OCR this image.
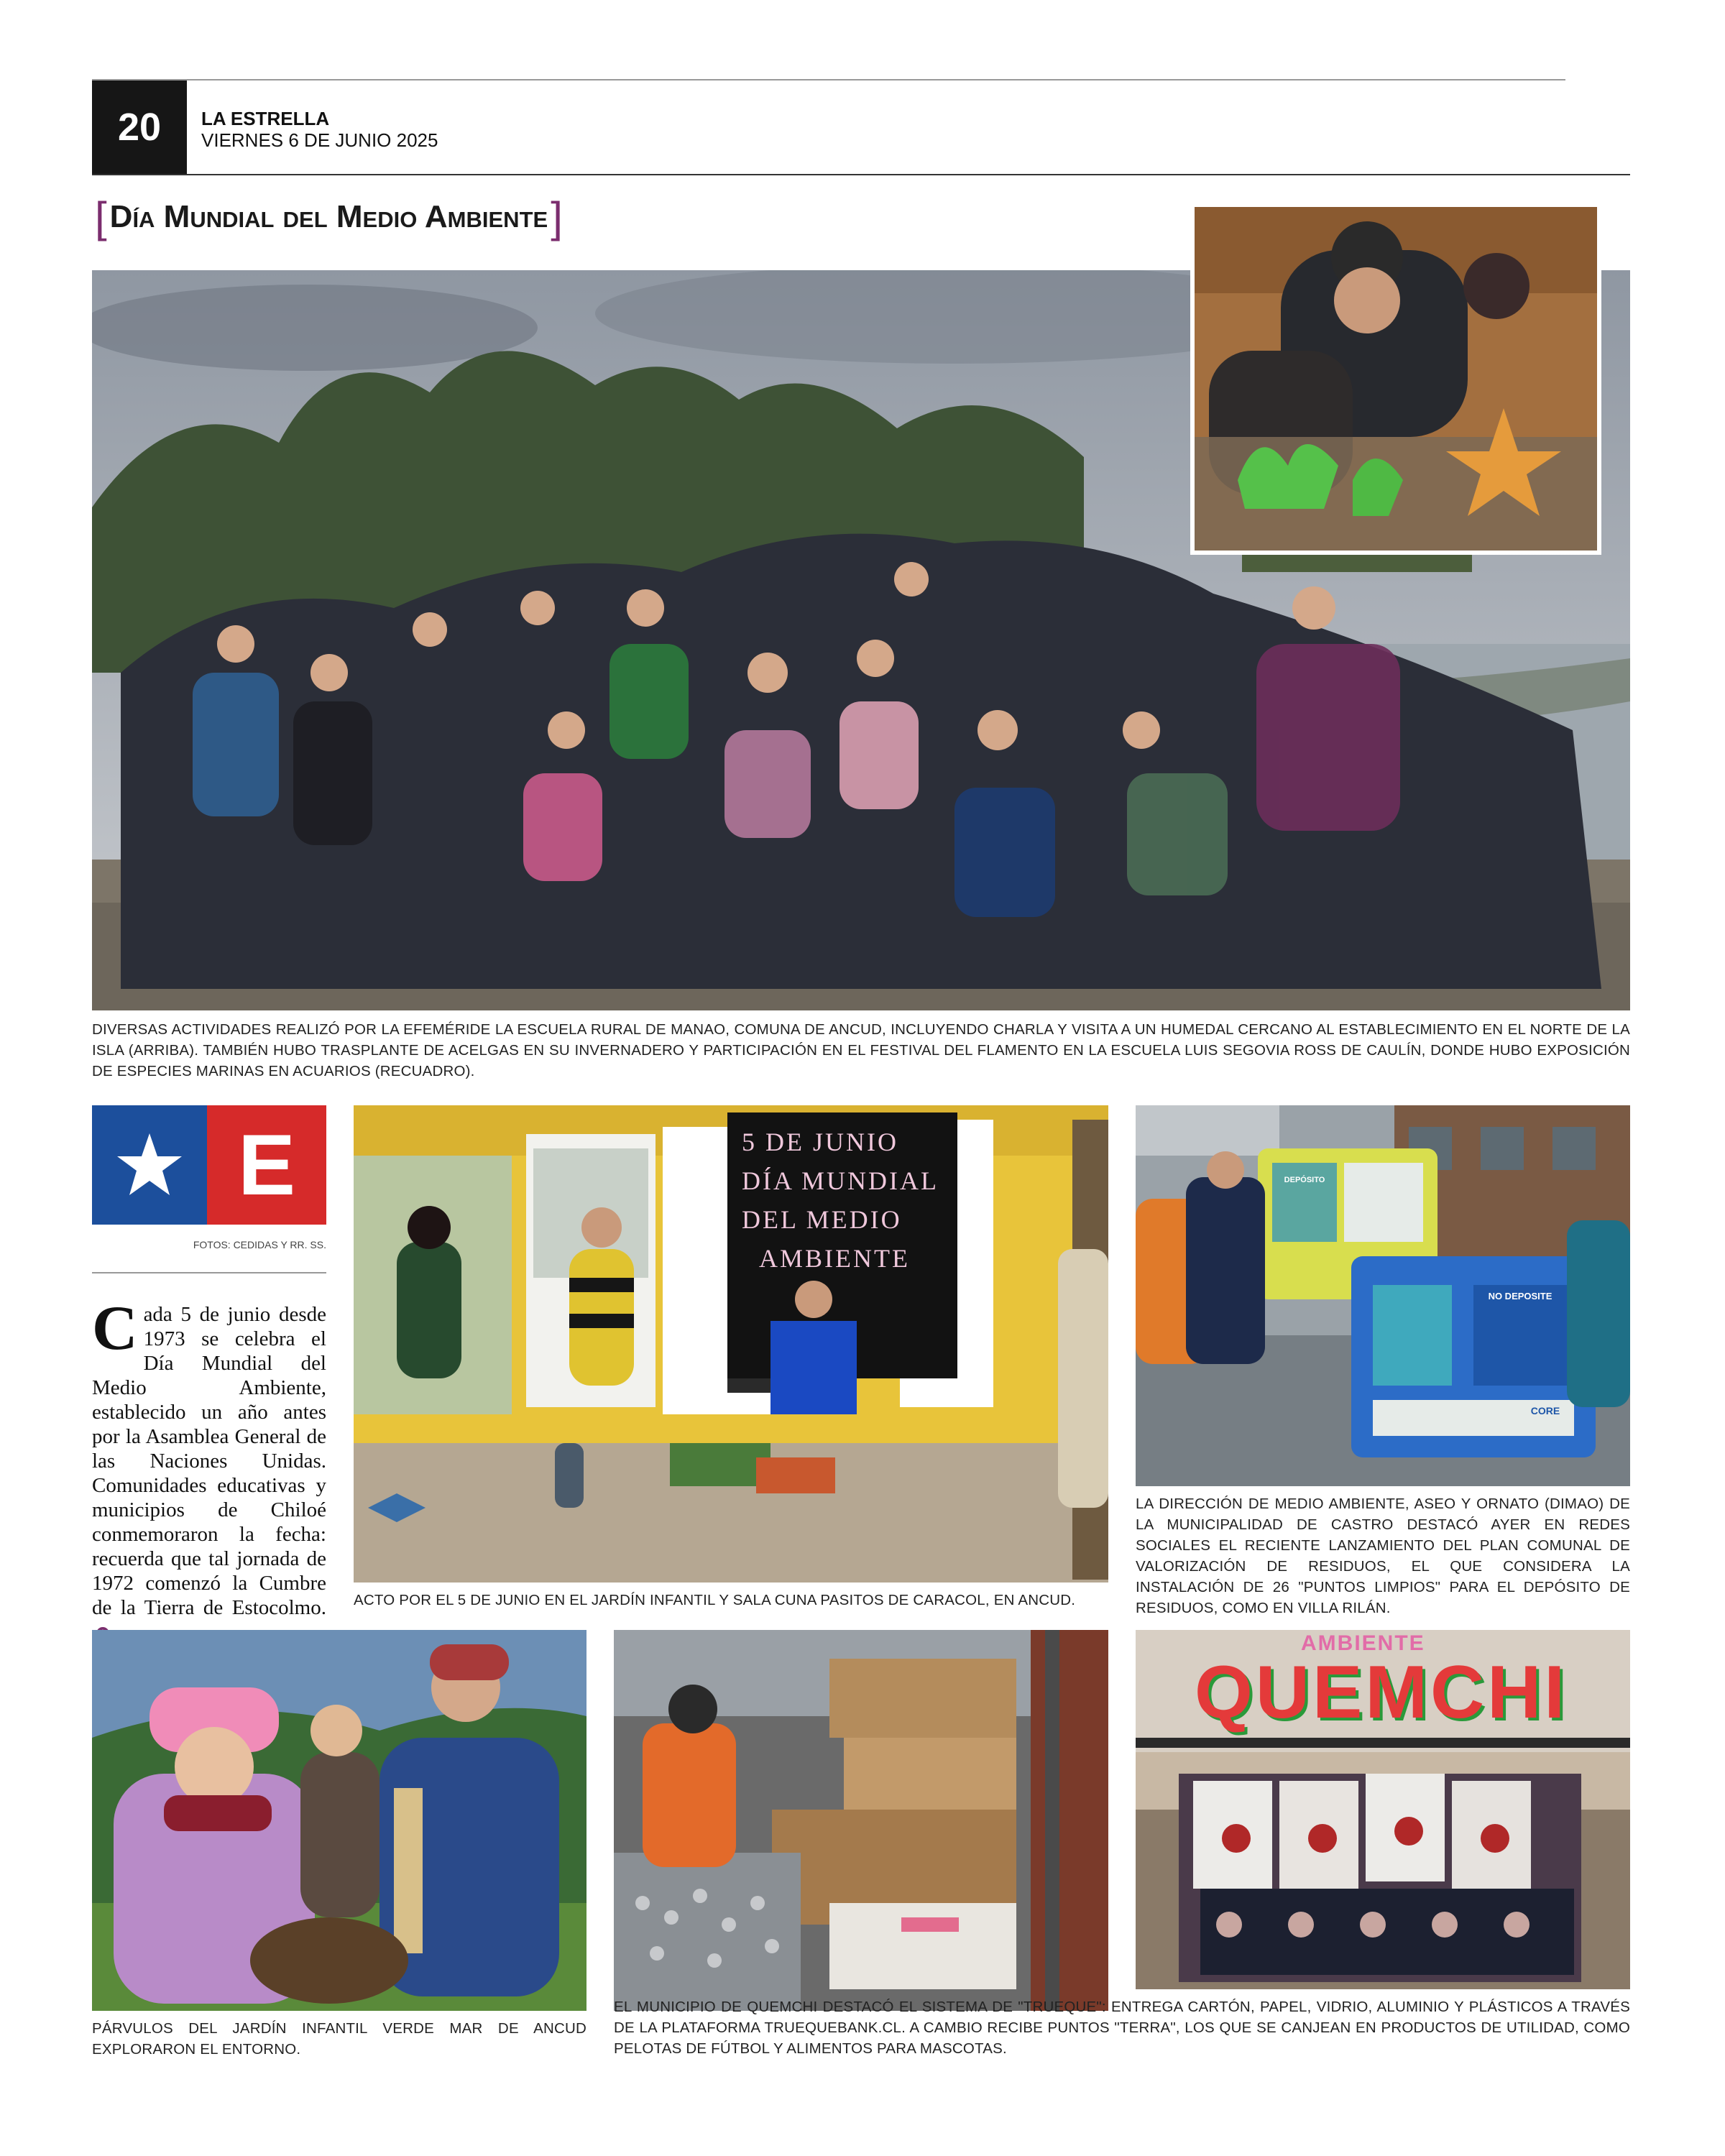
20	LA ESTRELLA
VIERNES 6 DE JUNIO 2025
[ Día Mundial del Medio Ambiente ]
DIVERSAS ACTIVIDADES REALIZÓ POR LA EFEMÉRIDE LA ESCUELA RURAL DE MANAO, COMUNA DE ANCUD, INCLUYENDO CHARLA Y VISITA A UN HUMEDAL CERCANO AL ESTABLECIMIENTO EN EL NORTE DE LA ISLA (ARRIBA). TAMBIÉN HUBO TRASPLANTE DE ACELGAS EN SU INVERNADERO Y PARTICIPACIÓN EN EL FESTIVAL DEL FLAMENTO EN LA ESCUELA LUIS SEGOVIA ROSS DE CAULÍN, DONDE HUBO EXPOSICIÓN DE ESPECIES MARINAS EN ACUARIOS (RECUADRO).
E
FOTOS: CEDIDAS Y RR. SS.
Cada 5 de junio desde 1973 se celebra el Día Mundial del Medio Ambiente, establecido un año antes por la Asamblea General de las Naciones Unidas. Comunidades educativas y municipios de Chiloé conmemoraron la fecha: recuerda que tal jornada de 1972 comenzó la Cumbre de la Tierra de Estocolmo.
5 DE JUNIO
DÍA MUNDIAL
DEL MEDIO
AMBIENTE
ACTO POR EL 5 DE JUNIO EN EL JARDÍN INFANTIL Y SALA CUNA PASITOS DE CARACOL, EN ANCUD.
DEPÓSITO
NO DEPOSITE
CORE
LA DIRECCIÓN DE MEDIO AMBIENTE, ASEO Y ORNATO (DIMAO) DE LA MUNICIPALIDAD DE CASTRO DESTACÓ AYER EN REDES SOCIALES EL RECIENTE LANZAMIENTO DEL PLAN COMUNAL DE VALORIZACIÓN DE RESIDUOS, EL QUE CONSIDERA LA INSTALACIÓN DE 26 "PUNTOS LIMPIOS" PARA EL DEPÓSITO DE RESIDUOS, COMO EN VILLA RILÁN.
PÁRVULOS DEL JARDÍN INFANTIL VERDE MAR DE ANCUD EXPLORARON EL ENTORNO.
EL MUNICIPIO DE QUEMCHI DESTACÓ EL SISTEMA DE "TRUEQUE": ENTREGA CARTÓN, PAPEL, VIDRIO, ALUMINIO Y PLÁSTICOS A TRAVÉS DE LA PLATAFORMA TRUEQUEBANK.CL. A CAMBIO RECIBE PUNTOS "TERRA", LOS QUE SE CANJEAN EN PRODUCTOS DE UTILIDAD, COMO PELOTAS DE FÚTBOL Y ALIMENTOS PARA MASCOTAS.
AMBIENTE
QUEMCHI
